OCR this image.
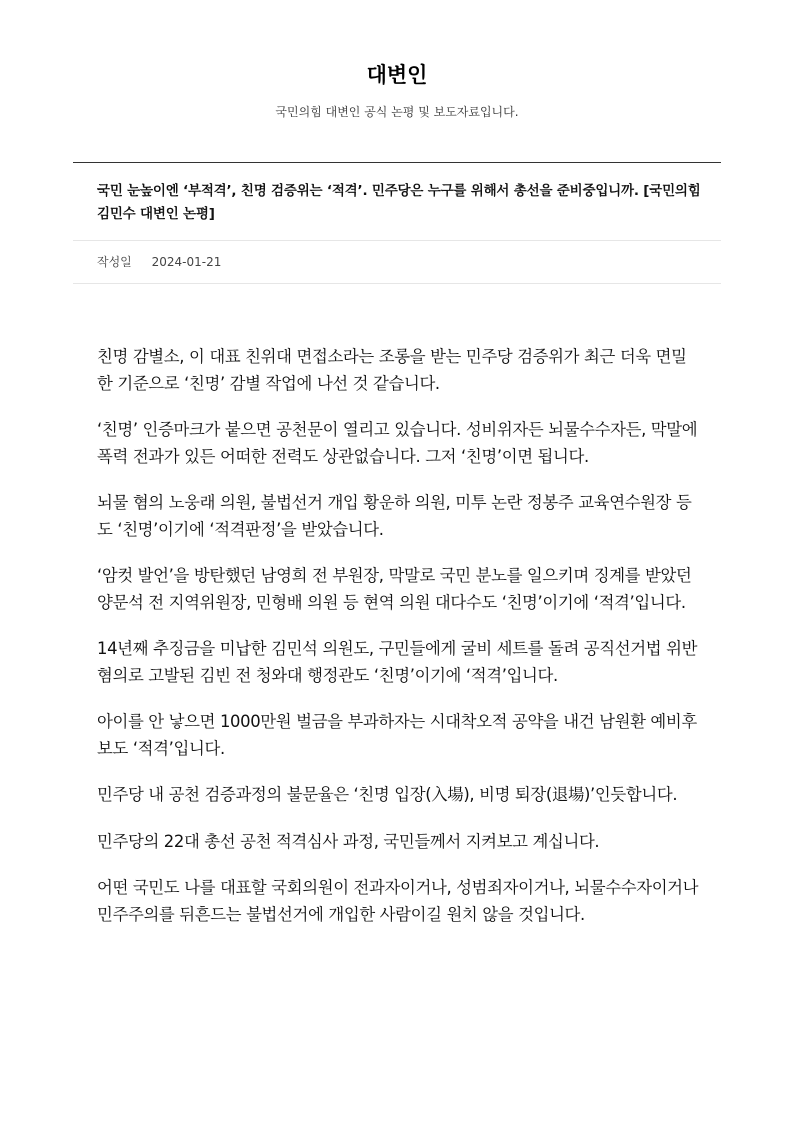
대변인

국민의힘 대변인 공식 논평 및 보도자료입니다.

국민 눈높이엔 ‘부적격’, 친명 검증위는 ‘적격’. 민주당은 누구를 위해서 총선을 준비중입니까. [국민의힘 김민수 대변인 논평]
작성일 2024-01-21

친명 감별소, 이 대표 친위대 면접소라는 조롱을 받는 민주당 검증위가 최근 더욱 면밀한 기준으로 ‘친명’ 감별 작업에 나선 것 같습니다.

‘친명’ 인증마크가 붙으면 공천문이 열리고 있습니다. 성비위자든 뇌물수수자든, 막말에 폭력 전과가 있든 어떠한 전력도 상관없습니다. 그저 ‘친명’이면 됩니다.

뇌물 혐의 노웅래 의원, 불법선거 개입 황운하 의원, 미투 논란 정봉주 교육연수원장 등도 ‘친명’이기에 ‘적격판정’을 받았습니다.

‘암컷 발언’을 방탄했던 남영희 전 부원장, 막말로 국민 분노를 일으키며 징계를 받았던 양문석 전 지역위원장, 민형배 의원 등 현역 의원 대다수도 ‘친명’이기에 ‘적격’입니다.

14년째 추징금을 미납한 김민석 의원도, 구민들에게 굴비 세트를 돌려 공직선거법 위반 혐의로 고발된 김빈 전 청와대 행정관도 ‘친명’이기에 ‘적격’입니다.

아이를 안 낳으면 1000만원 벌금을 부과하자는 시대착오적 공약을 내건 남원환 예비후보도 ‘적격’입니다.

민주당 내 공천 검증과정의 불문율은 ‘친명 입장(入場), 비명 퇴장(退場)’인듯합니다.

민주당의 22대 총선 공천 적격심사 과정, 국민들께서 지켜보고 계십니다.

어떤 국민도 나를 대표할 국회의원이 전과자이거나, 성범죄자이거나, 뇌물수수자이거나 민주주의를 뒤흔드는 불법선거에 개입한 사람이길 원치 않을 것입니다.
